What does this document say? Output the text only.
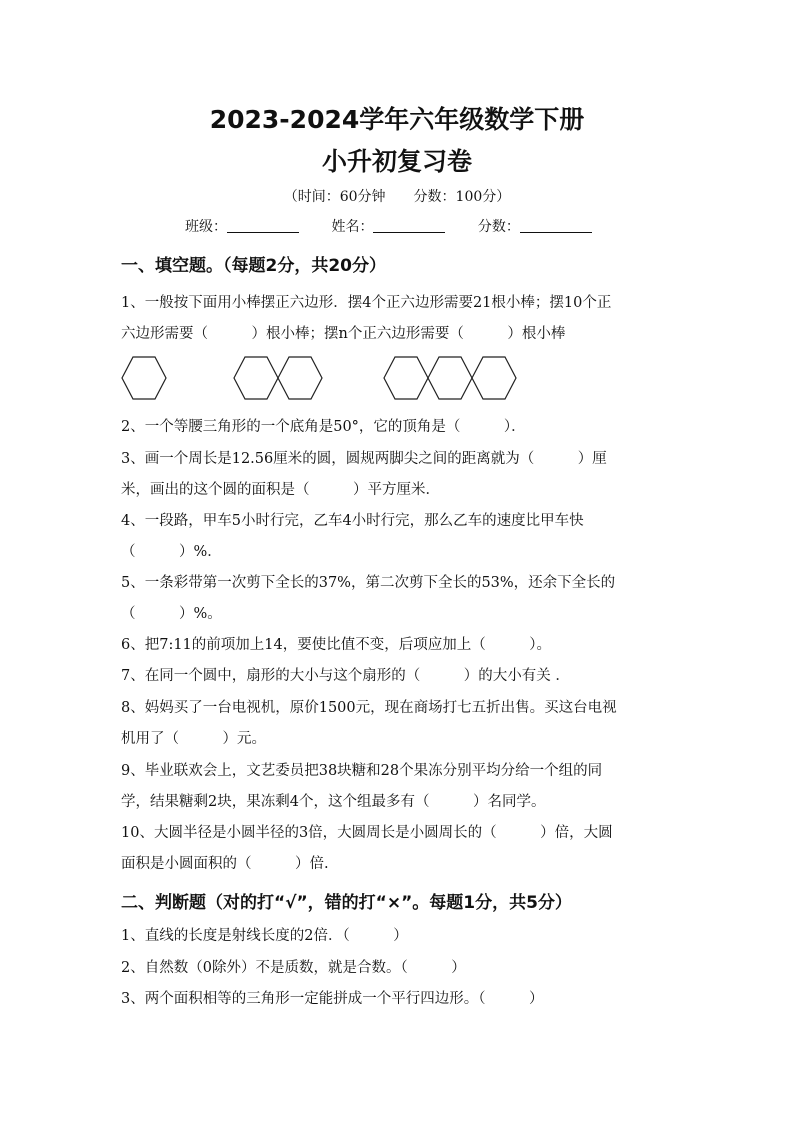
2023-2024学年六年级数学下册
小升初复习卷
（时间：60分钟　　分数：100分）
班级：	姓名：	分数：
一、填空题。（每题2分，共20分）
1、一般按下面用小棒摆正六边形．摆4个正六边形需要21根小棒；摆10个正
六边形需要（　　　）根小棒；摆n个正六边形需要（　　　）根小棒
2、一个等腰三角形的一个底角是50°，它的顶角是（　　　）．
3、画一个周长是12.56厘米的圆，圆规两脚尖之间的距离就为（　　　）厘
米，画出的这个圆的面积是（　　　）平方厘米．
4、一段路，甲车5小时行完，乙车4小时行完，那么乙车的速度比甲车快
（　　　）%．
5、一条彩带第一次剪下全长的37%，第二次剪下全长的53%，还余下全长的
（　　　）%。
6、把7:11的前项加上14，要使比值不变，后项应加上（　　　）。
7、在同一个圆中，扇形的大小与这个扇形的（　　　）的大小有关 ．
8、妈妈买了一台电视机，原价1500元，现在商场打七五折出售。买这台电视
机用了（　　　）元。
9、毕业联欢会上，文艺委员把38块糖和28个果冻分别平均分给一个组的同
学，结果糖剩2块，果冻剩4个，这个组最多有（　　　）名同学。
10、大圆半径是小圆半径的3倍，大圆周长是小圆周长的（　　　）倍，大圆
面积是小圆面积的（　　　）倍.
二、判断题（对的打“√”，错的打“×”。每题1分，共5分）
1、直线的长度是射线长度的2倍．（　　　）
2、自然数（0除外）不是质数，就是合数。（　　　）
3、两个面积相等的三角形一定能拼成一个平行四边形。（　　　）
